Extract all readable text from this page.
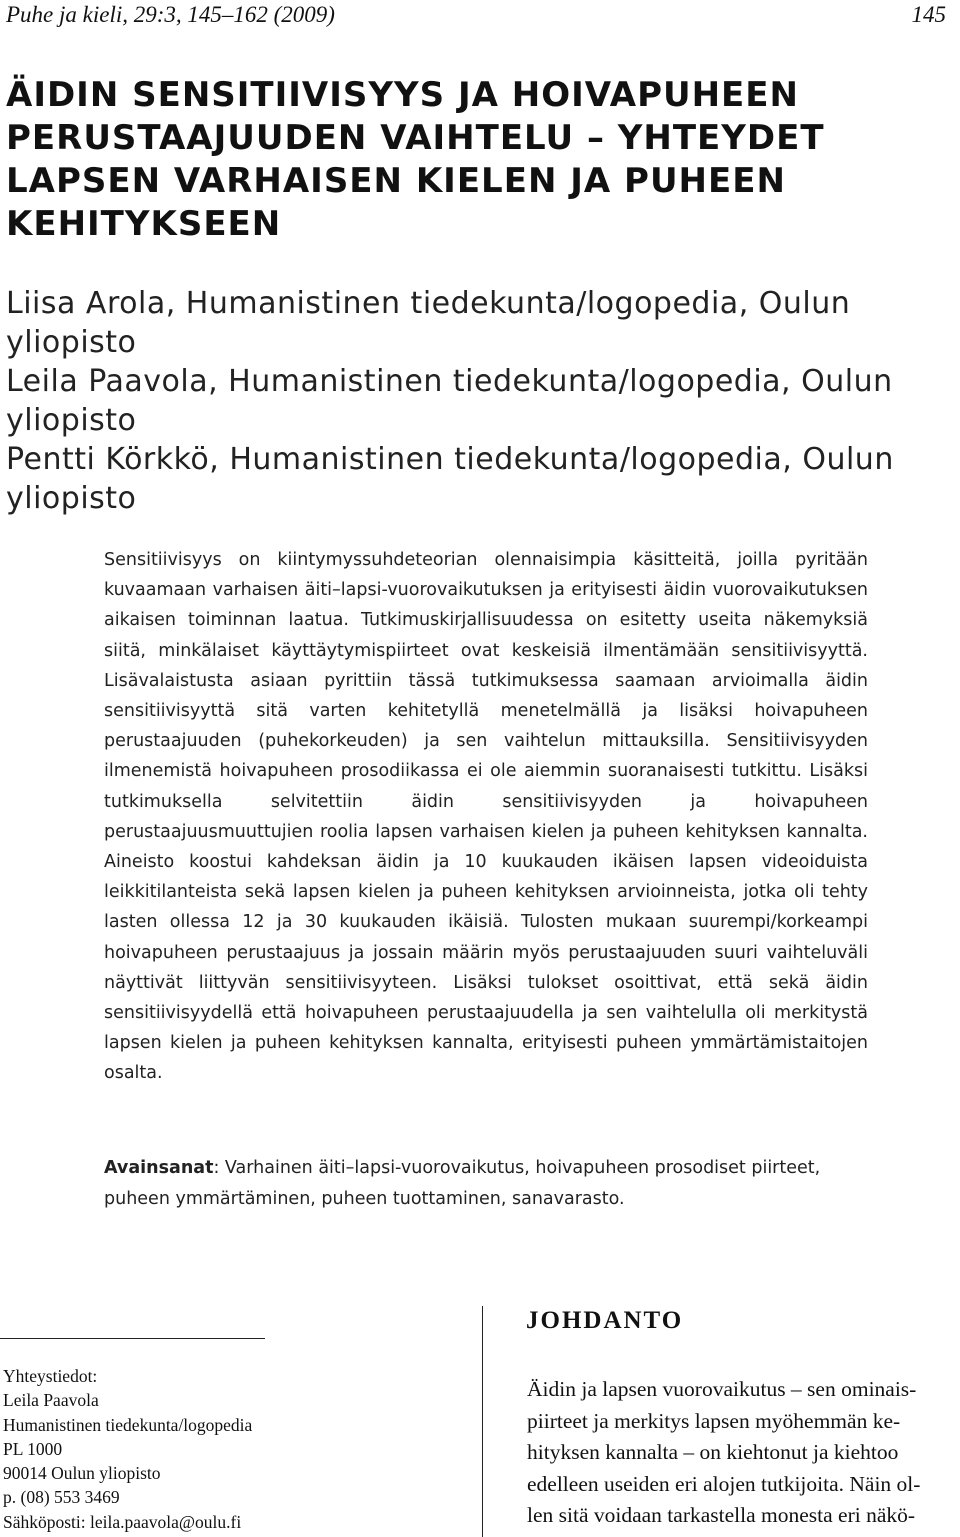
Puhe ja kieli, 29:3, 145–162 (2009)	145
ÄIDIN SENSITIIVISYYS JA HOIVAPUHEEN
PERUSTAAJUUDEN VAIHTELU – YHTEYDET
LAPSEN VARHAISEN KIELEN JA PUHEEN
KEHITYKSEEN
Liisa Arola, Humanistinen tiedekunta/logopedia, Oulun yliopisto
Leila Paavola, Humanistinen tiedekunta/logopedia, Oulun yliopisto
Pentti Körkkö, Humanistinen tiedekunta/logopedia, Oulun yliopisto

Sensitiivisyys on kiintymyssuhdeteorian olennaisimpia käsitteitä, joilla pyritään kuvaamaan varhaisen äiti–lapsi-vuorovaikutuksen ja erityisesti äidin vuorovaikutuksen aikaisen toiminnan laatua. Tutkimuskirjallisuudessa on esitetty useita näkemyksiä siitä, minkälaiset käyttäytymispiirteet ovat keskeisiä ilmentämään sensitiivisyyttä. Lisävalaistusta asiaan pyrittiin tässä tutkimuksessa saamaan arvioimalla äidin sensitiivisyyttä sitä varten kehitetyllä menetelmällä ja lisäksi hoivapuheen perustaajuuden (puhekorkeuden) ja sen vaihtelun mittauksilla. Sensitiivisyyden ilmenemistä hoivapuheen prosodiikassa ei ole aiemmin suoranaisesti tutkittu. Lisäksi tutkimuksella selvitettiin äidin sensitiivisyyden ja hoivapuheen perustaajuusmuuttujien roolia lapsen varhaisen kielen ja puheen kehityksen kannalta. Aineisto koostui kahdeksan äidin ja 10 kuukauden ikäisen lapsen videoiduista leikkitilanteista sekä lapsen kielen ja puheen kehityksen arvioinneista, jotka oli tehty lasten ollessa 12 ja 30 kuukauden ikäisiä. Tulosten mukaan suurempi/korkeampi hoivapuheen perustaajuus ja jossain määrin myös perustaajuuden suuri vaihteluväli näyttivät liittyvän sensitiivisyyteen. Lisäksi tulokset osoittivat, että sekä äidin sensitiivisyydellä että hoivapuheen perustaajuudella ja sen vaihtelulla oli merkitystä lapsen kielen ja puheen kehityksen kannalta, erityisesti puheen ymmärtämistaitojen osalta.

Avainsanat: Varhainen äiti–lapsi-vuorovaikutus, hoivapuheen prosodiset piirteet, puheen ymmärtäminen, puheen tuottaminen, sanavarasto.

Yhteystiedot:
Leila Paavola
Humanistinen tiedekunta/logopedia
PL 1000
90014 Oulun yliopisto
p. (08) 553 3469
Sähköposti: leila.paavola@oulu.fi
JOHDANTO
Äidin ja lapsen vuorovaikutus – sen ominais-
piirteet ja merkitys lapsen myöhemmän ke-
hityksen kannalta – on kiehtonut ja kiehtoo
edelleen useiden eri alojen tutkijoita. Näin ol-
len sitä voidaan tarkastella monesta eri näkö-
